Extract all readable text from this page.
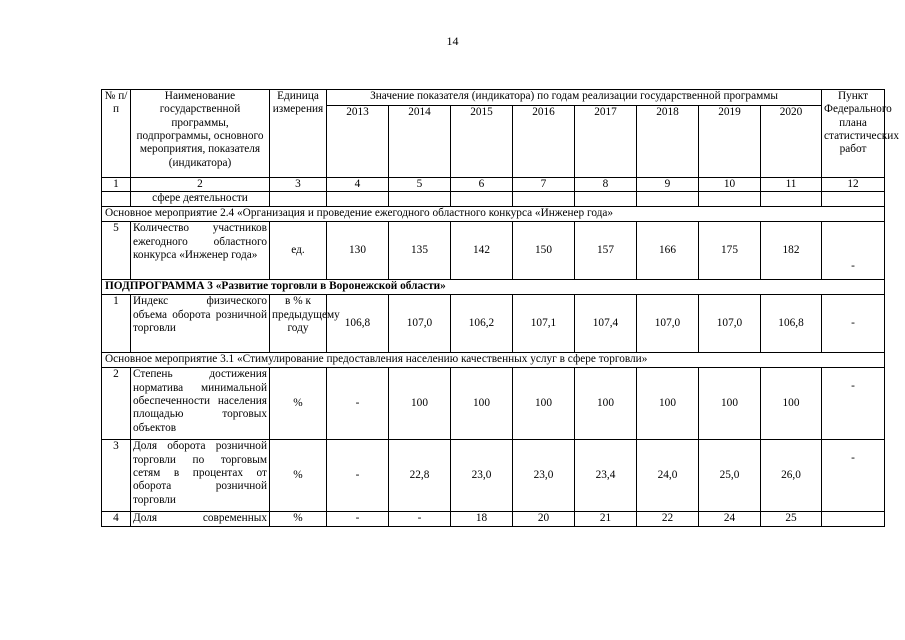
14
№ п/п	Наименование государственной программы, подпрограммы, основного мероприятия, показателя (индикатора)	Единица измерения	Значение показателя (индикатора) по годам реализации государственной программы								Пункт Федерального плана статистических работ
			2013	2014	2015	2016	2017	2018	2019	2020	
1	2	3	4	5	6	7	8	9	10	11	12
	сфере деятельности										
Основное мероприятие 2.4 «Организация и проведение ежегодного областного конкурса «Инженер года»											
5	Количество участников ежегодного областного конкурса «Инженер года»	ед.	130	135	142	150	157	166	175	182	-
ПОДПРОГРАММА 3 «Развитие торговли в Воронежской области»											
1	Индекс физического объема оборота розничной торговли	в % к предыдущему году	106,8	107,0	106,2	107,1	107,4	107,0	107,0	106,8	-
Основное мероприятие 3.1 «Стимулирование предоставления населению качественных услуг в сфере торговли»											
2	Степень достижения норматива минимальной обеспеченности населения площадью торговых объектов	%	-	100	100	100	100	100	100	100	-
3	Доля оборота розничной торговли по торговым сетям в процентах от оборота розничной торговли	%	-	22,8	23,0	23,0	23,4	24,0	25,0	26,0	-
4	Доля современных	%	-	-	18	20	21	22	24	25	
